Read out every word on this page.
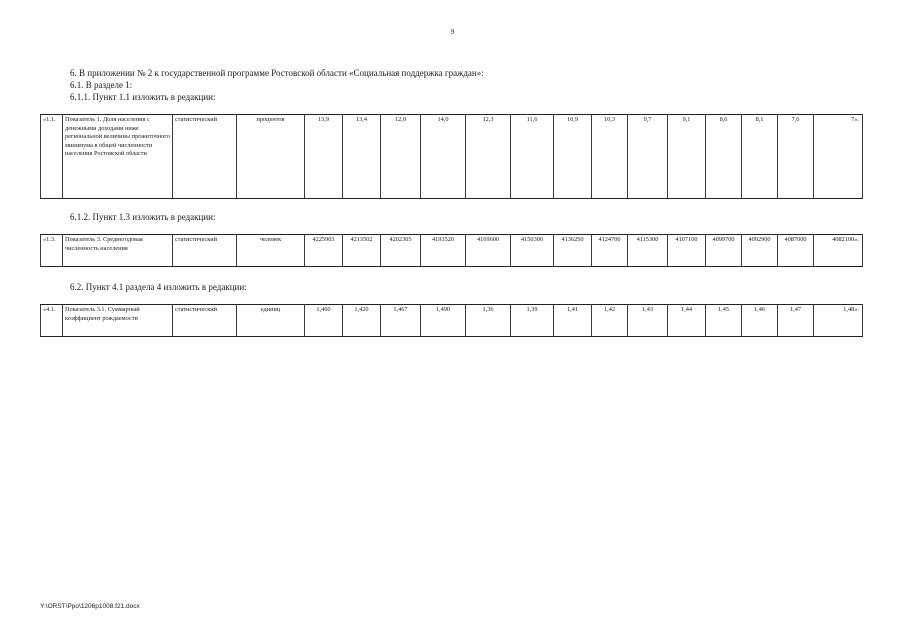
9
6. В приложении № 2 к государственной программе Ростовской области «Социальная поддержка граждан»:
6.1. В разделе 1:
6.1.1. Пункт 1.1 изложить в редакции:
«1.1.	Показатель 1. Доля населения с денежными доходами ниже региональной величины прожиточного минимума в общей численности населения Ростовской области	статистический	процентов	13,9	13,4	12,0	14,0	12,3	11,6	10,9	10,3	9,7	9,1	8,6	8,1	7,6	7».
6.1.2. Пункт 1.3 изложить в редакции:
«1.3.	Показатель 3. Среднегодовая численность населения	статистический	человек	4225903	4213502	4202305	4193520	4169600	4150300	4136250	4124700	4115300	4107100	4099700	4092900	4087000	4082100».
6.2. Пункт 4.1 раздела 4 изложить в редакции:
«4.1.	Показатель 3.1. Суммарный коэффициент рождаемости	статистический	единиц	1,460	1,420	1,467	1,490	1,36	1,39	1,41	1,42	1,43	1,44	1,45	1,46	1,47	1,48».
Y:\ORST\Ppo\1206p1008.f21.docx
